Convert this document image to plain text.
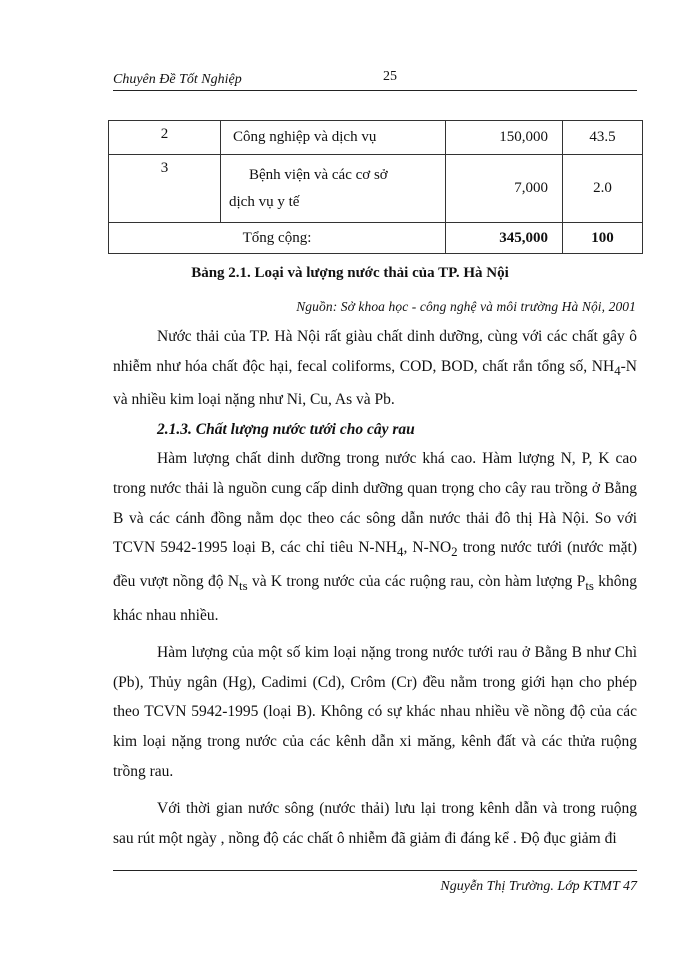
Chuyên Đề Tốt Nghiệp	25
2	Công nghiệp và dịch vụ	150,000	43.5
3	Bệnh viện và các cơ sở
dịch vụ y tế	7,000	2.0
Tổng cộng:		345,000	100
Bảng 2.1. Loại và lượng nước thải của TP. Hà Nội
Nguồn: Sở khoa học - công nghệ và môi trường Hà Nội, 2001

Nước thải của TP. Hà Nội rất giàu chất dinh dưỡng, cùng với các chất gây ô nhiễm như hóa chất độc hại, fecal coliforms, COD, BOD, chất rắn tổng số, $NH_4-N$ và nhiều kim loại nặng như Ni, Cu, As và Pb.

2.1.3. Chất lượng nước tưới cho cây rau

Hàm lượng chất dinh dưỡng trong nước khá cao. Hàm lượng N, P, K cao trong nước thải là nguồn cung cấp dinh dưỡng quan trọng cho cây rau trồng ở Bằng B và các cánh đồng nằm dọc theo các sông dẫn nước thải đô thị Hà Nội. So với TCVN 5942-1995 loại B, các chỉ tiêu $N-NH_4$, $N-NO_2$ trong nước tưới (nước mặt) đều vượt nồng độ $N_{ts}$ và K trong nước của các ruộng rau, còn hàm lượng $P_{ts}$ không khác nhau nhiều.

Hàm lượng của một số kim loại nặng trong nước tưới rau ở Bằng B như Chì (Pb), Thủy ngân (Hg), Cadimi (Cd), Crôm (Cr) đều nằm trong giới hạn cho phép theo TCVN 5942-1995 (loại B). Không có sự khác nhau nhiều về nồng độ của các kim loại nặng trong nước của các kênh dẫn xi măng, kênh đất và các thửa ruộng trồng rau.

Với thời gian nước sông (nước thải) lưu lại trong kênh dẫn và trong ruộng sau rút một ngày , nồng độ các chất ô nhiễm đã giảm đi đáng kể . Độ đục giảm đi

Nguyễn Thị Trường. Lớp KTMT 47
